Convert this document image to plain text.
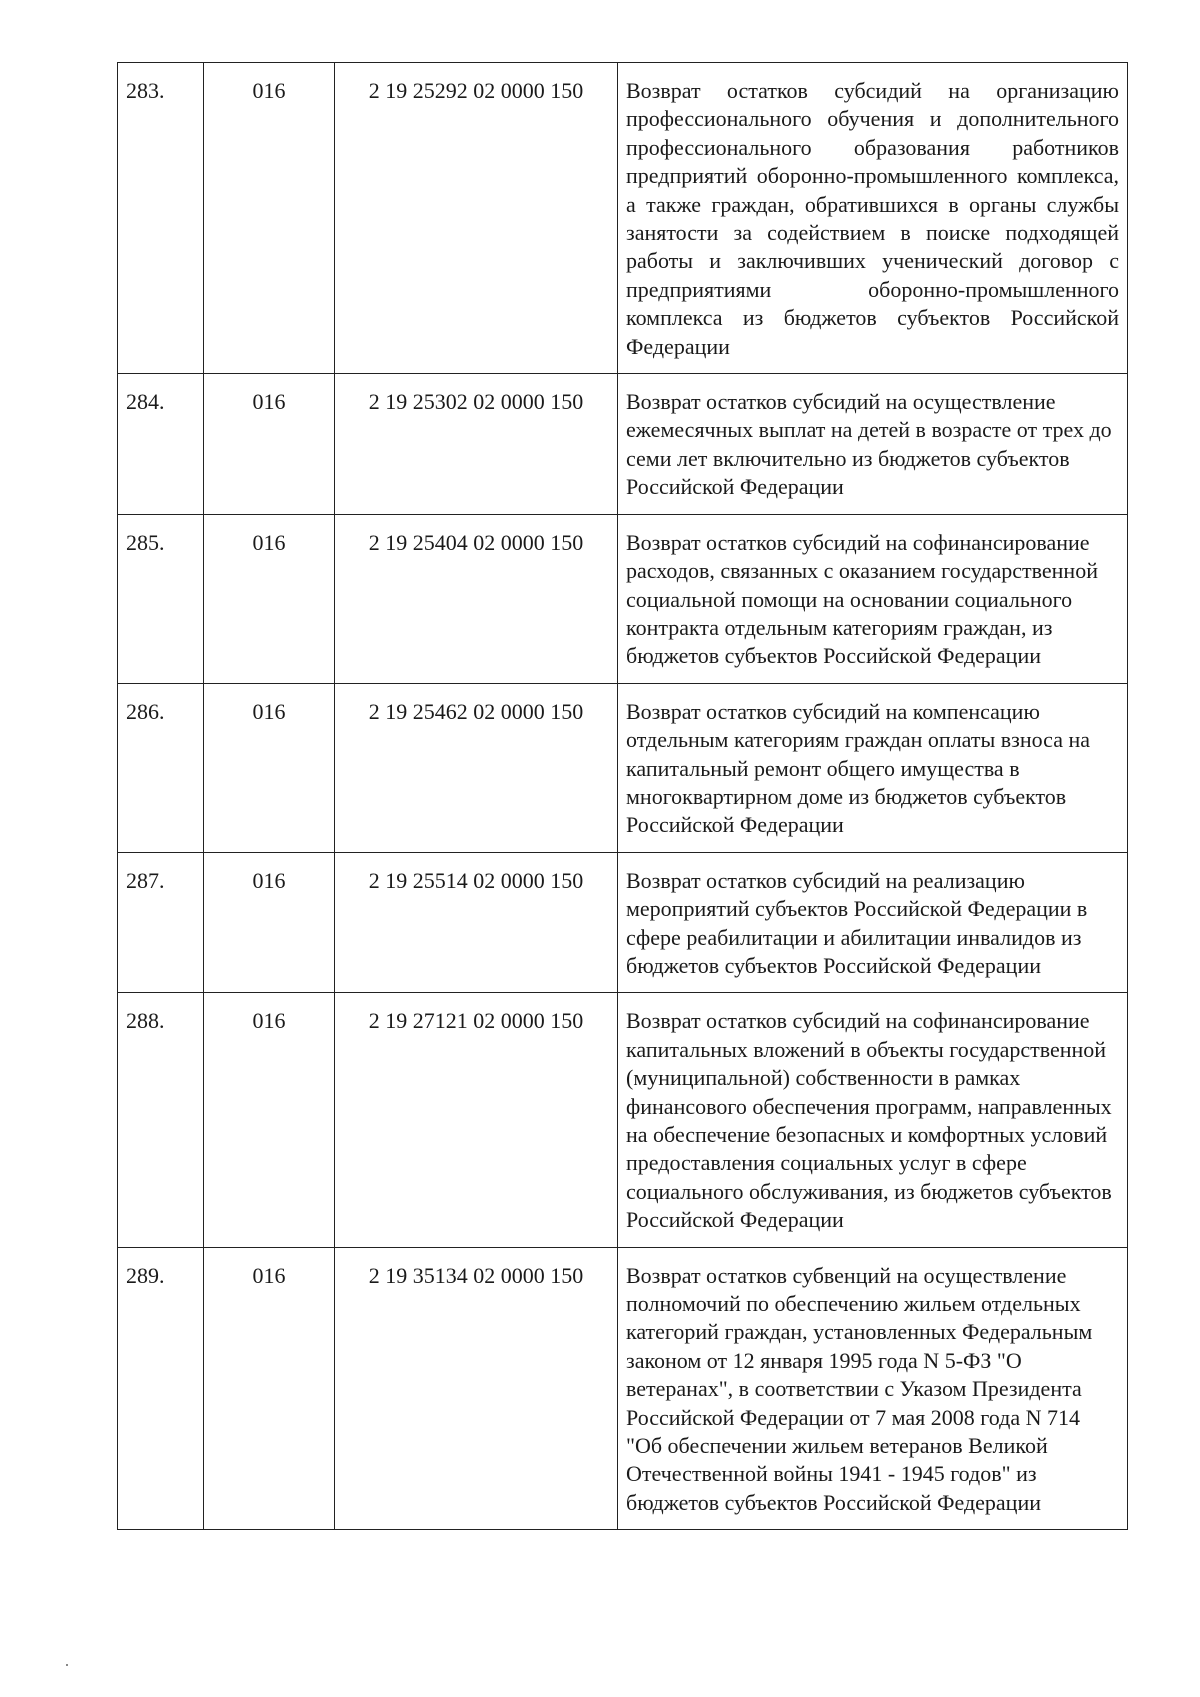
283.	016	2 19 25292 02 0000 150	Возврат остатков субсидий на организацию профессионального обучения и дополнительного профессионального образования работников предприятий оборонно-промышленного комплекса, а также граждан, обратившихся в органы службы занятости за содействием в поиске подходящей работы и заключивших ученический договор с предприятиями оборонно-промышленного комплекса из бюджетов субъектов Российской Федерации
284.	016	2 19 25302 02 0000 150	Возврат остатков субсидий на осуществление ежемесячных выплат на детей в возрасте от трех до семи лет включительно из бюджетов субъектов Российской Федерации
285.	016	2 19 25404 02 0000 150	Возврат остатков субсидий на софинансирование расходов, связанных с оказанием государственной социальной помощи на основании социального контракта отдельным категориям граждан, из бюджетов субъектов Российской Федерации
286.	016	2 19 25462 02 0000 150	Возврат остатков субсидий на компенсацию отдельным категориям граждан оплаты взноса на капитальный ремонт общего имущества в многоквартирном доме из бюджетов субъектов Российской Федерации
287.	016	2 19 25514 02 0000 150	Возврат остатков субсидий на реализацию мероприятий субъектов Российской Федерации в сфере реабилитации и абилитации инвалидов из бюджетов субъектов Российской Федерации
288.	016	2 19 27121 02 0000 150	Возврат остатков субсидий на софинансирование капитальных вложений в объекты государственной (муниципальной) собственности в рамках финансового обеспечения программ, направленных на обеспечение безопасных и комфортных условий предоставления социальных услуг в сфере социального обслуживания, из бюджетов субъектов Российской Федерации
289.	016	2 19 35134 02 0000 150	Возврат остатков субвенций на осуществление полномочий по обеспечению жильем отдельных категорий граждан, установленных Федеральным законом от 12 января 1995 года N 5-ФЗ "О ветеранах", в соответствии с Указом Президента Российской Федерации от 7 мая 2008 года N 714 "Об обеспечении жильем ветеранов Великой Отечественной войны 1941 - 1945 годов" из бюджетов субъектов Российской Федерации
